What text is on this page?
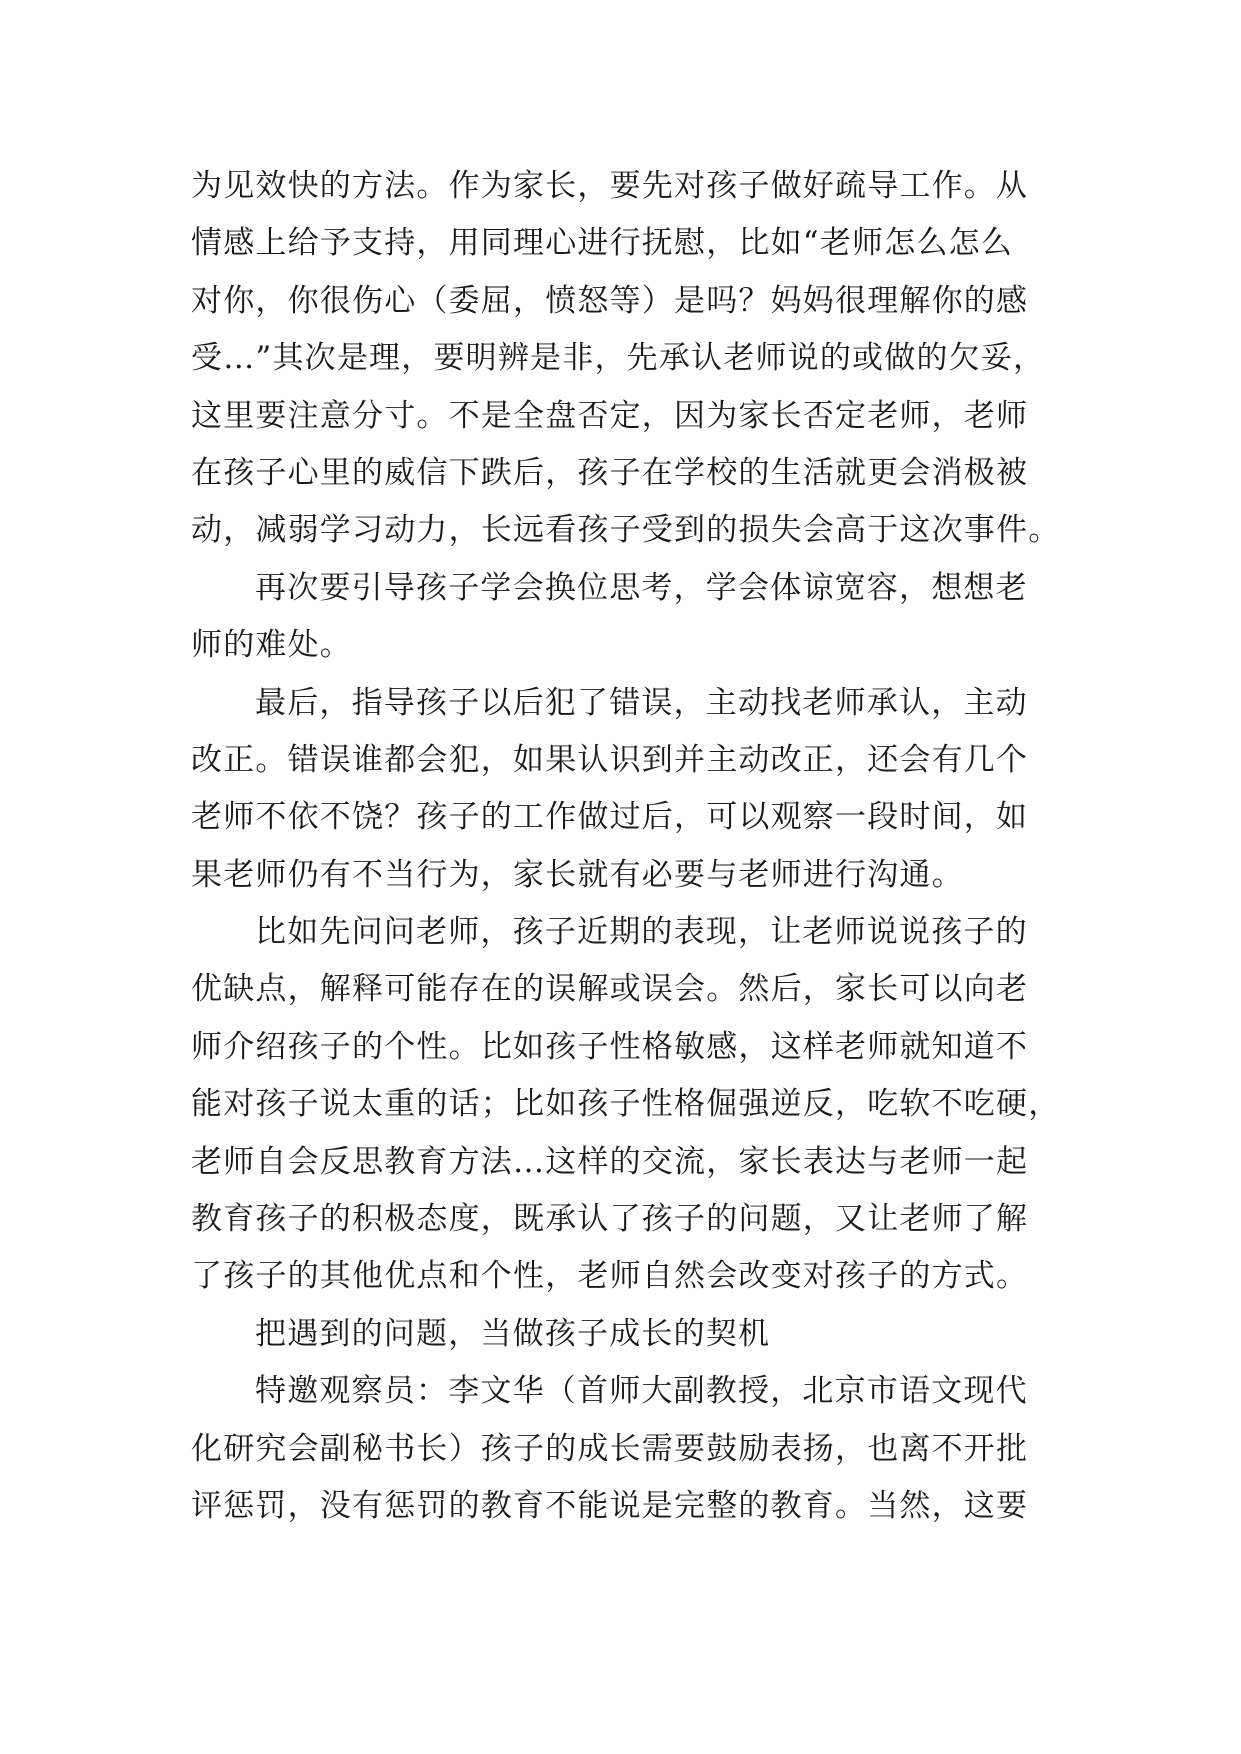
为见效快的方法。作为家长，要先对孩子做好疏导工作。从
情感上给予支持，用同理心进行抚慰，比如“老师怎么怎么
对你，你很伤心（委屈，愤怒等）是吗？妈妈很理解你的感
受…”其次是理，要明辨是非，先承认老师说的或做的欠妥，
这里要注意分寸。不是全盘否定，因为家长否定老师，老师
在孩子心里的威信下跌后，孩子在学校的生活就更会消极被
动，减弱学习动力，长远看孩子受到的损失会高于这次事件。
再次要引导孩子学会换位思考，学会体谅宽容，想想老
师的难处。
最后，指导孩子以后犯了错误，主动找老师承认，主动
改正。错误谁都会犯，如果认识到并主动改正，还会有几个
老师不依不饶？孩子的工作做过后，可以观察一段时间，如
果老师仍有不当行为，家长就有必要与老师进行沟通。
比如先问问老师，孩子近期的表现，让老师说说孩子的
优缺点，解释可能存在的误解或误会。然后，家长可以向老
师介绍孩子的个性。比如孩子性格敏感，这样老师就知道不
能对孩子说太重的话；比如孩子性格倔强逆反，吃软不吃硬，
老师自会反思教育方法…这样的交流，家长表达与老师一起
教育孩子的积极态度，既承认了孩子的问题，又让老师了解
了孩子的其他优点和个性，老师自然会改变对孩子的方式。
把遇到的问题，当做孩子成长的契机
特邀观察员：李文华（首师大副教授，北京市语文现代
化研究会副秘书长）孩子的成长需要鼓励表扬，也离不开批
评惩罚，没有惩罚的教育不能说是完整的教育。当然，这要
